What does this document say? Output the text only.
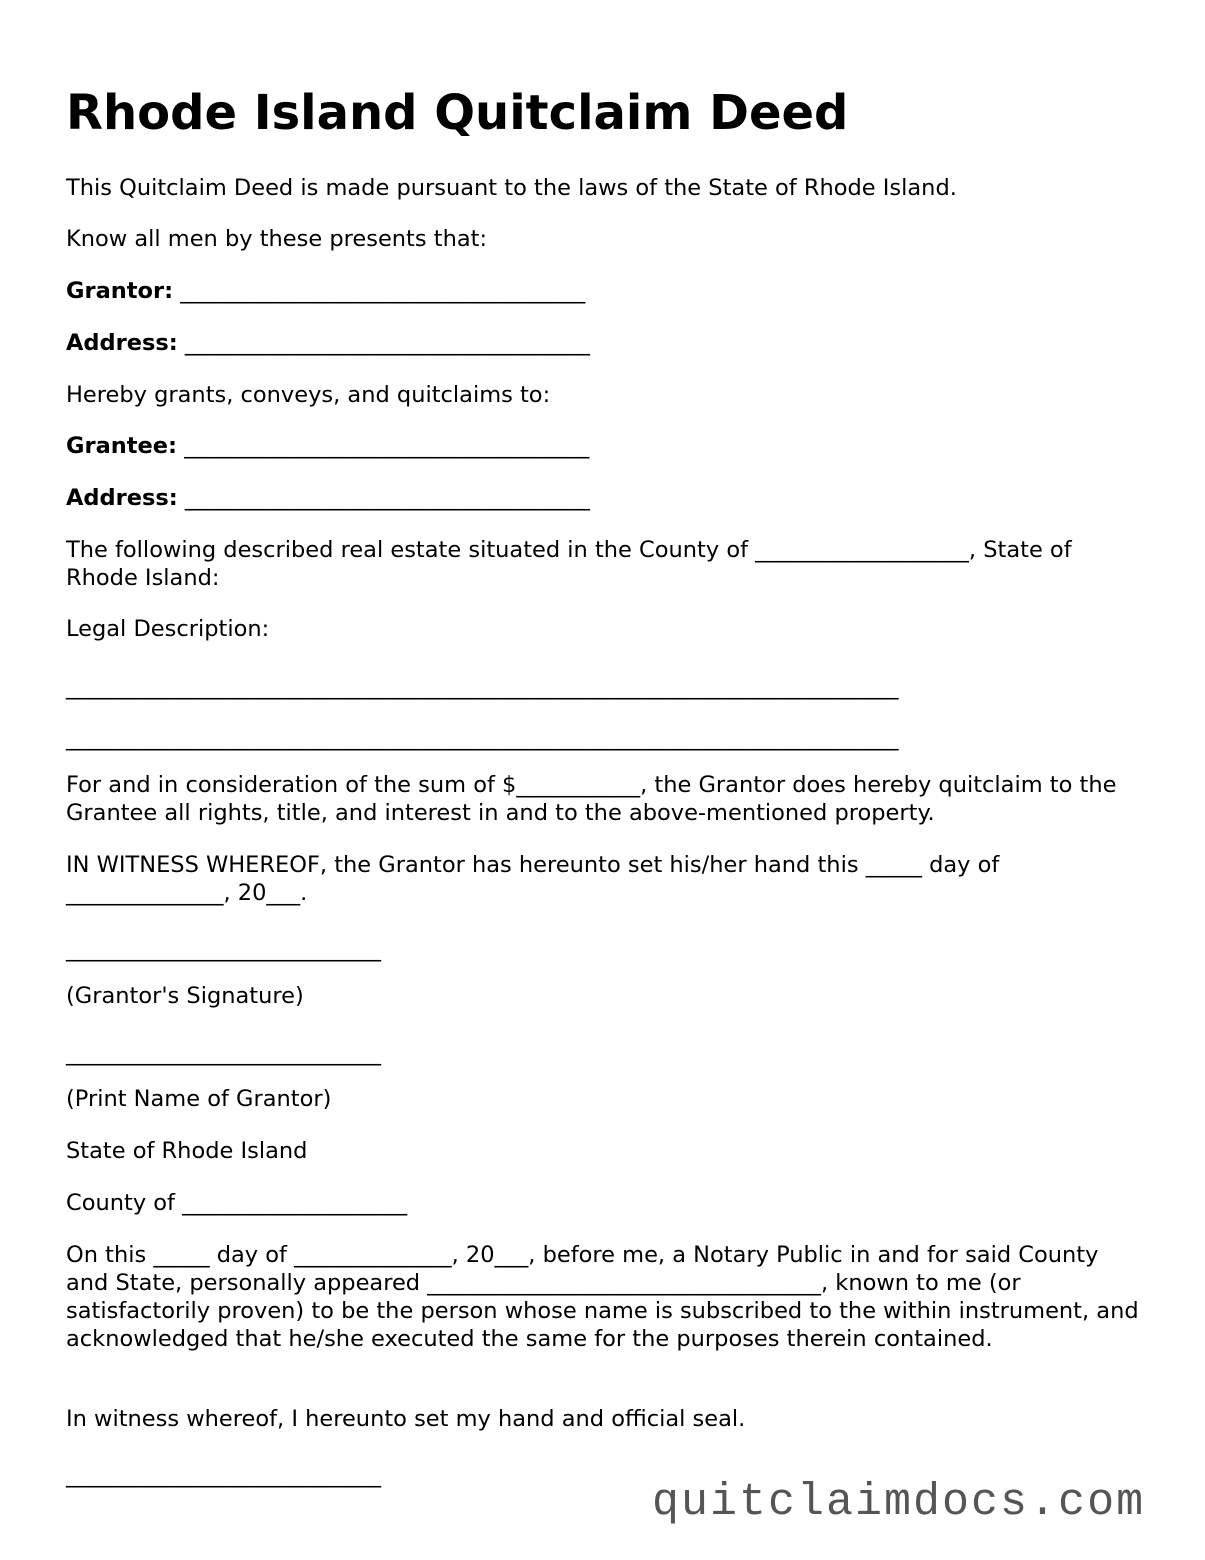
Rhode Island Quitclaim Deed

This Quitclaim Deed is made pursuant to the laws of the State of Rhode Island.

Know all men by these presents that:

Grantor: ____________________________________

Address: ____________________________________

Hereby grants, conveys, and quitclaims to:

Grantee: ____________________________________

Address: ____________________________________

The following described real estate situated in the County of ___________________, State of Rhode Island:

Legal Description:

__________________________________________________________________________

__________________________________________________________________________

For and in consideration of the sum of $___________, the Grantor does hereby quitclaim to the Grantee all rights, title, and interest in and to the above-mentioned property.

IN WITNESS WHEREOF, the Grantor has hereunto set his/her hand this _____ day of ______________, 20___.

____________________________

(Grantor's Signature)

____________________________

(Print Name of Grantor)

State of Rhode Island

County of ____________________

On this _____ day of ______________, 20___, before me, a Notary Public in and for said County and State, personally appeared ___________________________________, known to me (or satisfactorily proven) to be the person whose name is subscribed to the within instrument, and acknowledged that he/she executed the same for the purposes therein contained.

In witness whereof, I hereunto set my hand and official seal.

____________________________

quitclaimdocs.com
